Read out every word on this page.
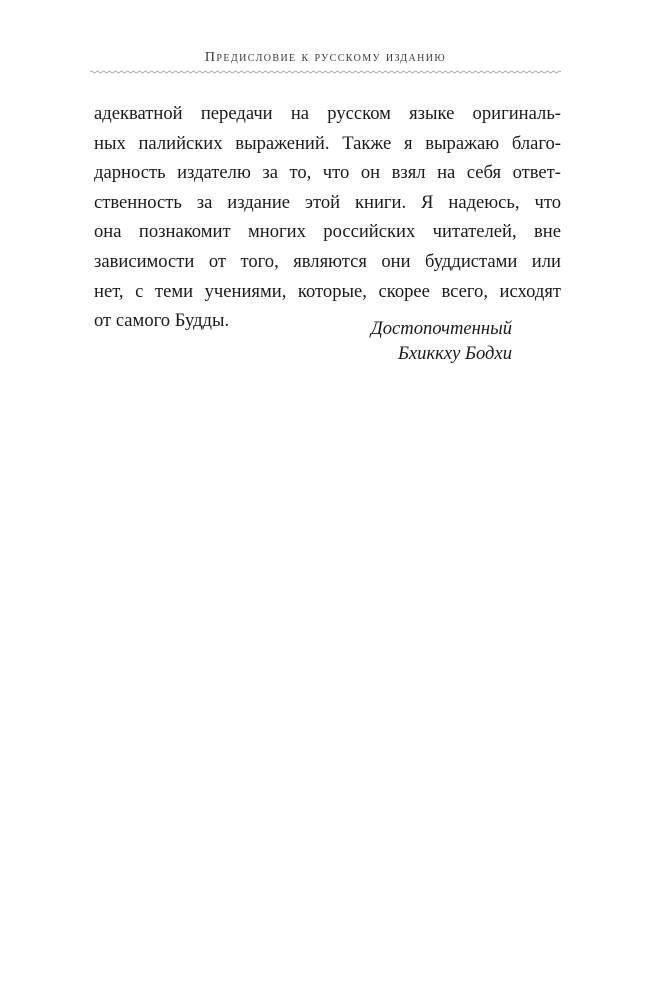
Предисловие к русскому изданию
адекватной передачи на русском языке оригиналь-
ных палийских выражений. Также я выражаю благо-
дарность издателю за то, что он взял на себя ответ-
ственность за издание этой книги. Я надеюсь, что
она познакомит многих российских читателей, вне
зависимости от того, являются они буддистами или
нет, с теми учениями, которые, скорее всего, исходят
от самого Будды.	Достопочтенный
Бхиккху Бодхи
